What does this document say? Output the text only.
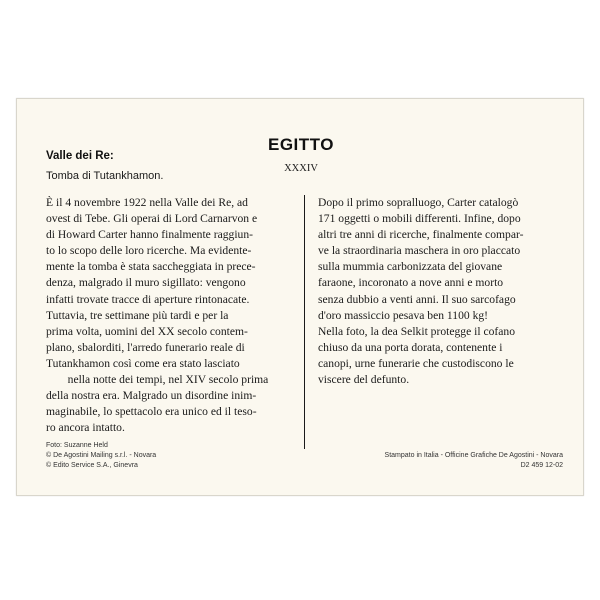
Valle dei Re:
Tomba di Tutankhamon.
EGITTO
XXXIV
È il 4 novembre 1922 nella Valle dei Re, ad
ovest di Tebe. Gli operai di Lord Carnarvon e
di Howard Carter hanno finalmente raggiun-
to lo scopo delle loro ricerche. Ma evidente-
mente la tomba è stata saccheggiata in prece-
denza, malgrado il muro sigillato: vengono
infatti trovate tracce di aperture rintonacate.
Tuttavia, tre settimane più tardi e per la
prima volta, uomini del XX secolo contem-
plano, sbalorditi, l'arredo funerario reale di
Tutankhamon così come era stato lasciato
nella notte dei tempi, nel XIV secolo prima
della nostra era. Malgrado un disordine inim-
maginabile, lo spettacolo era unico ed il teso-
ro ancora intatto.
Dopo il primo sopralluogo, Carter catalogò
171 oggetti o mobili differenti. Infine, dopo
altri tre anni di ricerche, finalmente compar-
ve la straordinaria maschera in oro placcato
sulla mummia carbonizzata del giovane
faraone, incoronato a nove anni e morto
senza dubbio a venti anni. Il suo sarcofago
d'oro massiccio pesava ben 1100 kg!
Nella foto, la dea Selkit protegge il cofano
chiuso da una porta dorata, contenente i
canopi, urne funerarie che custodiscono le
viscere del defunto.
Foto: Suzanne Held
© De Agostini Mailing s.r.l. - Novara
© Edito Service S.A., Ginevra
Stampato in Italia - Officine Grafiche De Agostini - Novara
D2 459 12-02
